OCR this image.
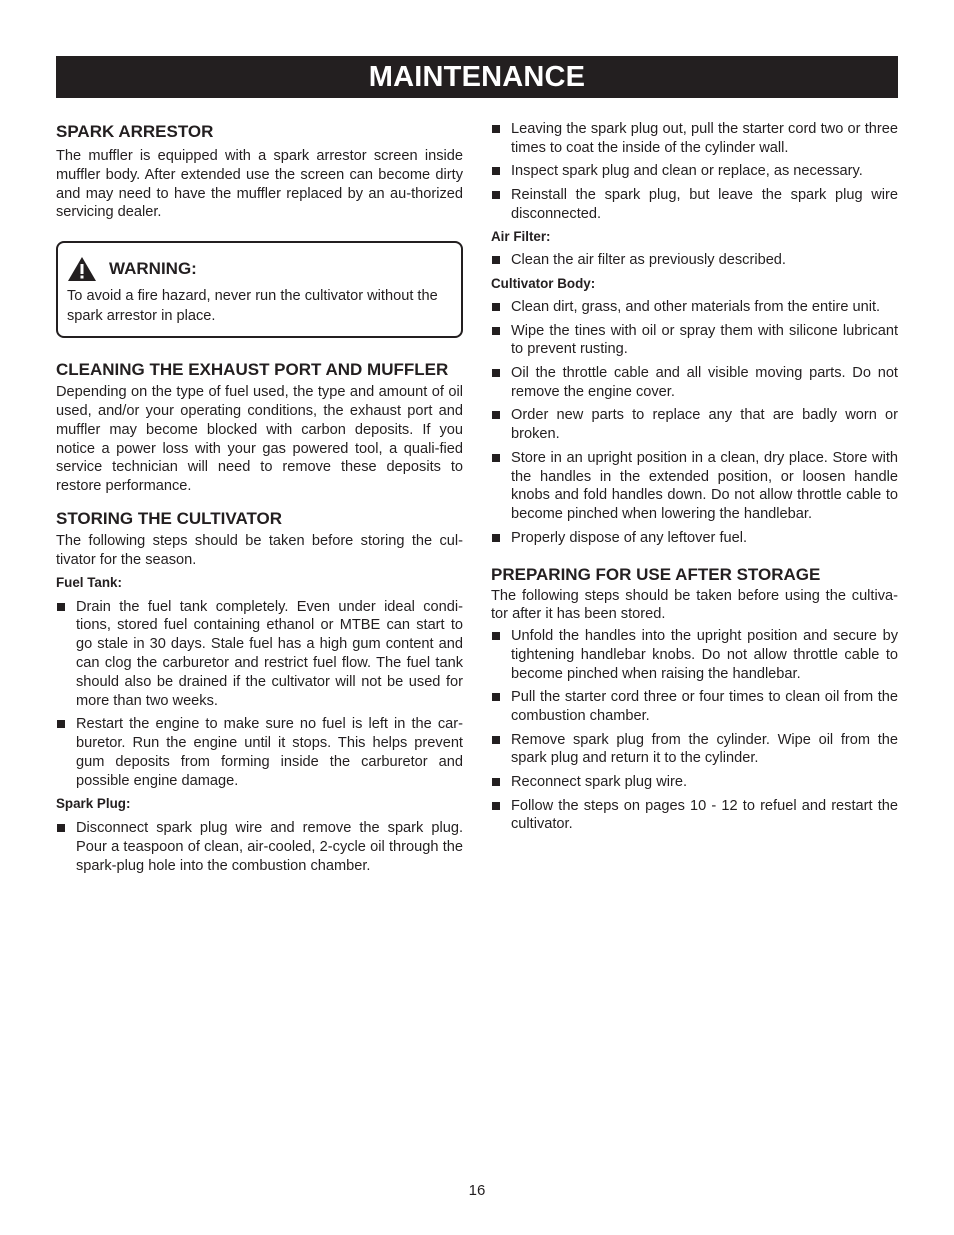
MAINTENANCE
SPARK ARRESTOR

The muffler is equipped with a spark arrestor screen inside muffler body. After extended use the screen can become dirty and may need to have the muffler replaced by an au-thorized servicing dealer.

WARNING:
To avoid a fire hazard, never run the cultivator without the spark arrestor in place.
CLEANING THE EXHAUST PORT AND MUFFLER

Depending on the type of fuel used, the type and amount of oil used, and/or your operating conditions, the exhaust port and muffler may become blocked with carbon deposits. If you notice a power loss with your gas powered tool, a quali-fied service technician will need to remove these deposits to restore performance.

STORING THE CULTIVATOR

The following steps should be taken before storing the cul-tivator for the season.

Fuel Tank:
Drain the fuel tank completely. Even under ideal condi-tions, stored fuel containing ethanol or MTBE can start to go stale in 30 days. Stale fuel has a high gum content and can clog the carburetor and restrict fuel flow. The fuel tank should also be drained if the cultivator will not be used for more than two weeks.
Restart the engine to make sure no fuel is left in the car-buretor. Run the engine until it stops. This helps prevent gum deposits from forming inside the carburetor and possible engine damage.
Spark Plug:
Disconnect spark plug wire and remove the spark plug. Pour a teaspoon of clean, air-cooled, 2-cycle oil through the spark-plug hole into the combustion chamber.
Leaving the spark plug out, pull the starter cord two or three times to coat the inside of the cylinder wall.
Inspect spark plug and clean or replace, as necessary.
Reinstall the spark plug, but leave the spark plug wire disconnected.
Air Filter:
Clean the air filter as previously described.
Cultivator Body:
Clean dirt, grass, and other materials from the entire unit.
Wipe the tines with oil or spray them with silicone lubricant to prevent rusting.
Oil the throttle cable and all visible moving parts. Do not remove the engine cover.
Order new parts to replace any that are badly worn or broken.
Store in an upright position in a clean, dry place. Store with the handles in the extended position, or loosen handle knobs and fold handles down. Do not allow throttle cable to become pinched when lowering the handlebar.
Properly dispose of any leftover fuel.
PREPARING FOR USE AFTER STORAGE

The following steps should be taken before using the cultiva-tor after it has been stored.

Unfold the handles into the upright position and secure by tightening handlebar knobs. Do not allow throttle cable to become pinched when raising the handlebar.
Pull the starter cord three or four times to clean oil from the combustion chamber.
Remove spark plug from the cylinder. Wipe oil from the spark plug and return it to the cylinder.
Reconnect spark plug wire.
Follow the steps on pages 10 - 12 to refuel and restart the cultivator.
16
